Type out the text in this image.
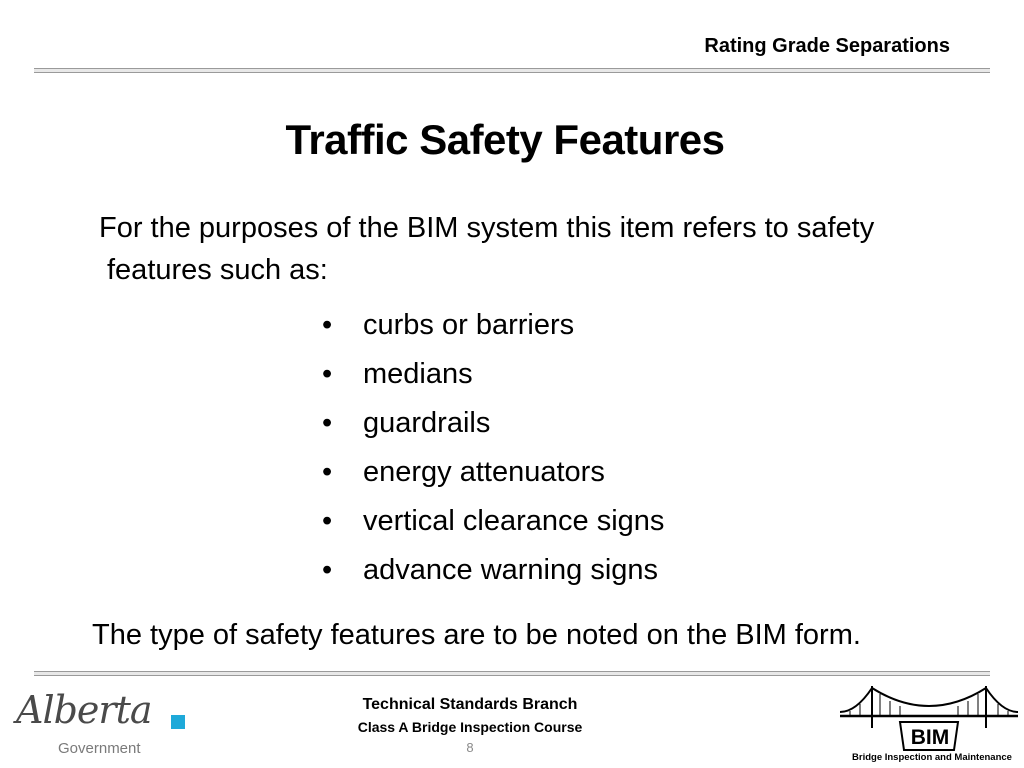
Rating Grade Separations
Traffic Safety Features
For the purposes of the BIM system this item refers to safety
features such as:
•	curbs or barriers
•	medians
•	guardrails
•	energy attenuators
•	vertical clearance signs
•	advance warning signs
The type of safety features are to be noted on the BIM form.
Alberta
Government
Technical Standards Branch
Class A Bridge Inspection Course
8	BIM
Bridge Inspection and Maintenance
